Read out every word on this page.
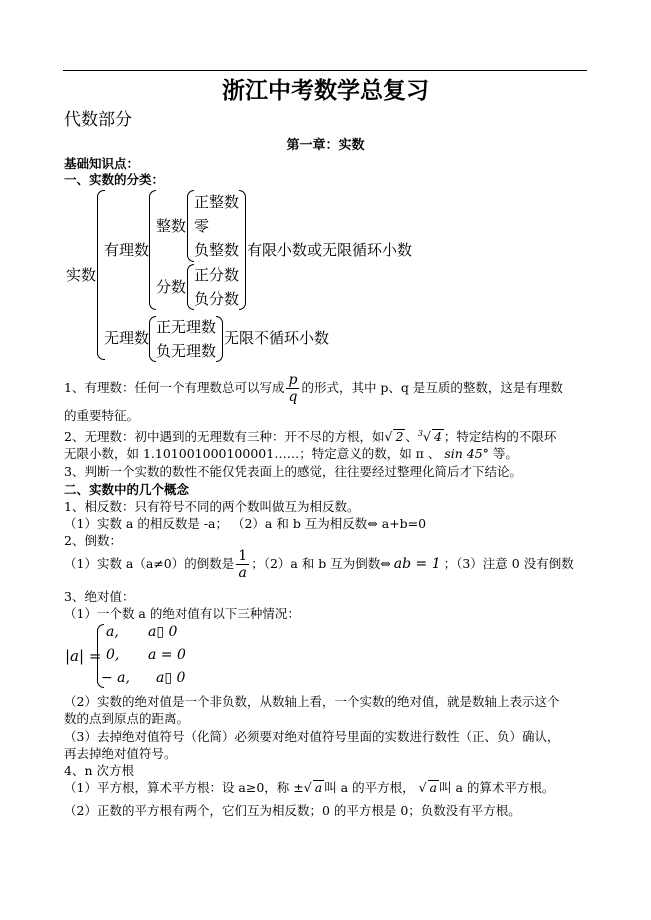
浙江中考数学总复习
代数部分
第一章：实数
基础知识点：
一、实数的分类：
实数
有理数
整数
正整数
零
负整数
分数
正分数
负分数
有限小数或无限循环小数
无理数
正无理数
负无理数
无限不循环小数
1、有理数：任何一个有理数总可以写成 $\frac{p}{q}$ 的形式，其中 p、q 是互质的整数，这是有理数
的重要特征。
2、无理数：初中遇到的无理数有三种：开不尽的方根，如√ 2 、$^3$√ 4 ；特定结构的不限环
无限小数，如 1.101001000100001……；特定意义的数，如 π 、 sin 45° 等。
3、判断一个实数的数性不能仅凭表面上的感觉，往往要经过整理化简后才下结论。
二、实数中的几个概念
1、相反数：只有符号不同的两个数叫做互为相反数。
（1）实数 a 的相反数是 -a； （2）a 和 b 互为相反数⇔ a+b=0
2、倒数：
（1）实数 a（a≠0）的倒数是 $\frac{1}{a}$ ；（2）a 和 b 互为倒数⇔ ab = 1 ；（3）注意 0 没有倒数
3、绝对值：
（1）一个数 a 的绝对值有以下三种情况：
|a| =
a, a▯ 0
0, a = 0
− a, a▯ 0
（2）实数的绝对值是一个非负数，从数轴上看，一个实数的绝对值，就是数轴上表示这个
数的点到原点的距离。
（3）去掉绝对值符号（化简）必须要对绝对值符号里面的实数进行数性（正、负）确认，
再去掉绝对值符号。
4、n 次方根
（1）平方根，算术平方根：设 a≥0，称 ±√ a 叫 a 的平方根， √ a 叫 a 的算术平方根。
（2）正数的平方根有两个，它们互为相反数；0 的平方根是 0；负数没有平方根。
